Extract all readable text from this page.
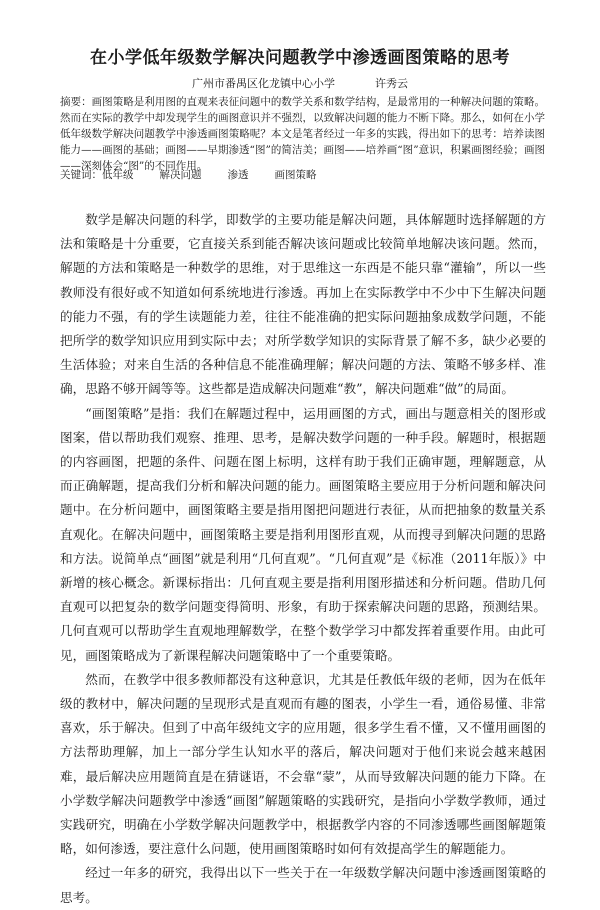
在小学低年级数学解决问题教学中渗透画图策略的思考
广州市番禺区化龙镇中心小学	许秀云
摘要：画图策略是利用图的直观来表征问题中的数学关系和数学结构，是最常用的一种解决问题的策略。然而在实际的教学中却发现学生的画图意识并不强烈，以致解决问题的能力不断下降。那么，如何在小学低年级数学解决问题教学中渗透画图策略呢？本文是笔者经过一年多的实践，得出如下的思考：培养读图能力——画图的基础；画图——早期渗透“图”的简洁美；画图——培养画“图”意识，积累画图经验；画图——深刻体会“图”的不同作用。
关键词：低年级 解决问题 渗透 画图策略

数学是解决问题的科学，即数学的主要功能是解决问题，具体解题时选择解题的方法和策略是十分重要，它直接关系到能否解决该问题或比较简单地解决该问题。然而，解题的方法和策略是一种数学的思维，对于思维这一东西是不能只靠“灌输”，所以一些教师没有很好或不知道如何系统地进行渗透。再加上在实际教学中不少中下生解决问题的能力不强，有的学生读题能力差，往往不能准确的把实际问题抽象成数学问题，不能把所学的数学知识应用到实际中去；对所学数学知识的实际背景了解不多，缺少必要的生活体验；对来自生活的各种信息不能准确理解；解决问题的方法、策略不够多样、准确，思路不够开阔等等。这些都是造成解决问题难“教”，解决问题难“做”的局面。

“画图策略”是指：我们在解题过程中，运用画图的方式，画出与题意相关的图形或图案，借以帮助我们观察、推理、思考，是解决数学问题的一种手段。解题时，根据题的内容画图，把题的条件、问题在图上标明，这样有助于我们正确审题，理解题意，从而正确解题，提高我们分析和解决问题的能力。画图策略主要应用于分析问题和解决问题中。在分析问题中，画图策略主要是指用图把问题进行表征，从而把抽象的数量关系直观化。在解决问题中，画图策略主要是指利用图形直观，从而搜寻到解决问题的思路和方法。说简单点“画图”就是利用“几何直观”。“几何直观”是《标准（2011年版）》中新增的核心概念。新课标指出：几何直观主要是指利用图形描述和分析问题。借助几何直观可以把复杂的数学问题变得简明、形象，有助于探索解决问题的思路，预测结果。几何直观可以帮助学生直观地理解数学，在整个数学学习中都发挥着重要作用。由此可见，画图策略成为了新课程解决问题策略中了一个重要策略。

然而，在教学中很多教师都没有这种意识，尤其是任教低年级的老师，因为在低年级的教材中，解决问题的呈现形式是直观而有趣的图表，小学生一看，通俗易懂、非常喜欢，乐于解决。但到了中高年级纯文字的应用题，很多学生看不懂，又不懂用画图的方法帮助理解，加上一部分学生认知水平的落后，解决问题对于他们来说会越来越困难，最后解决应用题简直是在猜谜语，不会靠“蒙”，从而导致解决问题的能力下降。在小学数学解决问题教学中渗透“画图”解题策略的实践研究，是指向小学数学教师，通过实践研究，明确在小学数学解决问题教学中，根据教学内容的不同渗透哪些画图解题策略，如何渗透，要注意什么问题，使用画图策略时如何有效提高学生的解题能力。

经过一年多的研究，我得出以下一些关于在一年级数学解决问题中渗透画图策略的思考。
